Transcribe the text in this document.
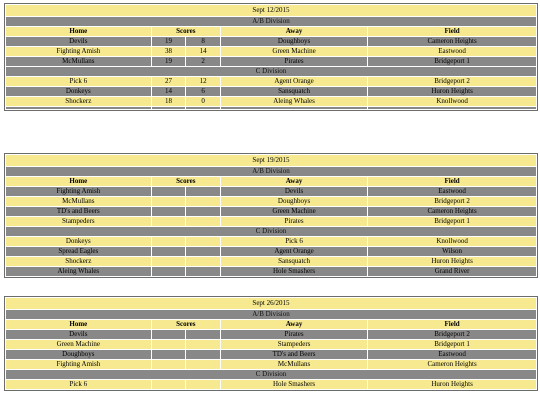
Sept 12/2015				
A/B Division				
Home	Scores		Away	Field
Devils	19	8	Doughboys	Cameron Heights
Fighting Amish	38	14	Green Machine	Eastwood
McMullans	19	2	Pirates	Bridgeport 1
C Division				
Pick 6	27	12	Agent Orange	Bridgeport 2
Donkeys	14	6	Sansquatch	Huron Heights
Shockerz	18	0	Aleing Whales	Knollwood

Sept 19/2015				
A/B Division				
Home	Scores		Away	Field
Fighting Amish			Devils	Eastwood
McMullans			Doughboys	Bridgeport 2
TD's and Beers			Green Machine	Cameron Heights
Stampeders			Pirates	Bridgeport 1
C Division				
Donkeys			Pick 6	Knollwood
Spread Eagles			Agent Orange	Wilson
Shockerz			Sansquatch	Huron Heights
Aleing Whales			Hole Smashers	Grand River
Sept 26/2015				
A/B Division				
Home	Scores		Away	Field
Devils			Pirates	Bridgeport 2
Green Machine			Stampeders	Bridgeport 1
Doughboys			TD's and Beers	Eastwood
Fighting Amish			McMullans	Cameron Heights
C Division				
Pick 6			Hole Smashers	Huron Heights
